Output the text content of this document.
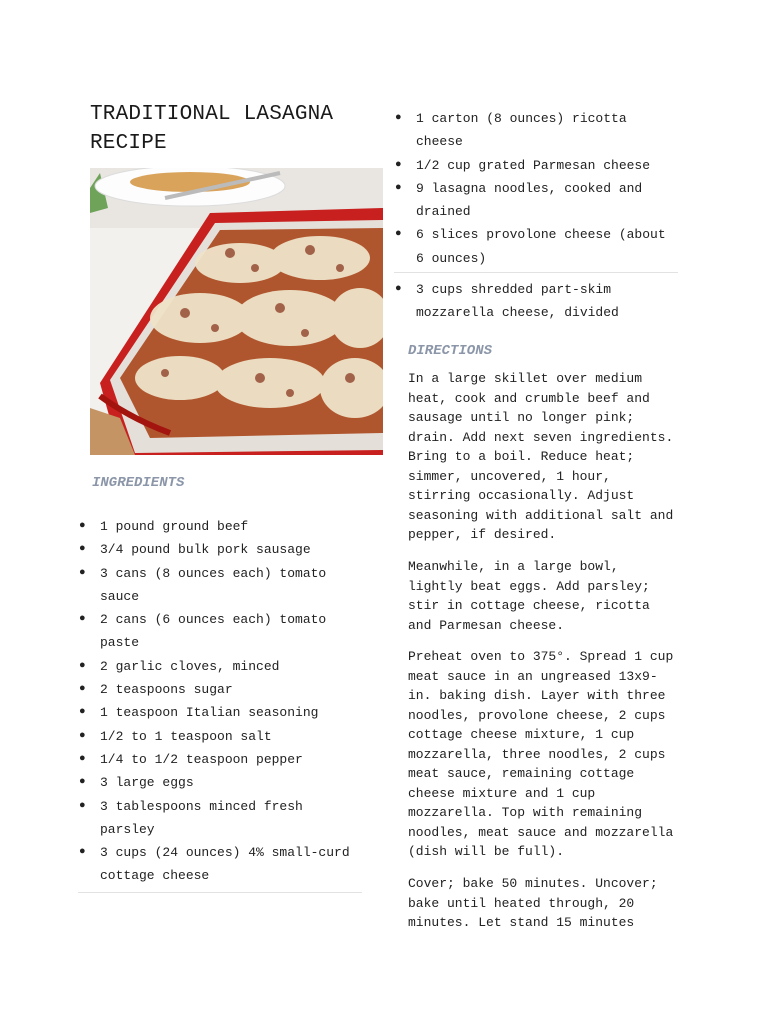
TRADITIONAL LASAGNA RECIPE
INGREDIENTS
● 1 pound ground beef
● 3/4 pound bulk pork sausage
● 3 cans (8 ounces each) tomato sauce
● 2 cans (6 ounces each) tomato paste
● 2 garlic cloves, minced
● 2 teaspoons sugar
● 1 teaspoon Italian seasoning
● 1/2 to 1 teaspoon salt
● 1/4 to 1/2 teaspoon pepper
● 3 large eggs
● 3 tablespoons minced fresh parsley
● 3 cups (24 ounces) 4% small-curd cottage cheese
● 1 carton (8 ounces) ricotta cheese
● 1/2 cup grated Parmesan cheese
● 9 lasagna noodles, cooked and drained
● 6 slices provolone cheese (about 6 ounces)
● 3 cups shredded part-skim mozzarella cheese, divided
DIRECTIONS

In a large skillet over medium heat, cook and crumble beef and sausage until no longer pink; drain. Add next seven ingredients. Bring to a boil. Reduce heat; simmer, uncovered, 1 hour, stirring occasionally. Adjust seasoning with additional salt and pepper, if desired.

Meanwhile, in a large bowl, lightly beat eggs. Add parsley; stir in cottage cheese, ricotta and Parmesan cheese.

Preheat oven to 375°. Spread 1 cup meat sauce in an ungreased 13x9-in. baking dish. Layer with three noodles, provolone cheese, 2 cups cottage cheese mixture, 1 cup mozzarella, three noodles, 2 cups meat sauce, remaining cottage cheese mixture and 1 cup mozzarella. Top with remaining noodles, meat sauce and mozzarella (dish will be full).

Cover; bake 50 minutes. Uncover; bake until heated through, 20 minutes. Let stand 15 minutes
